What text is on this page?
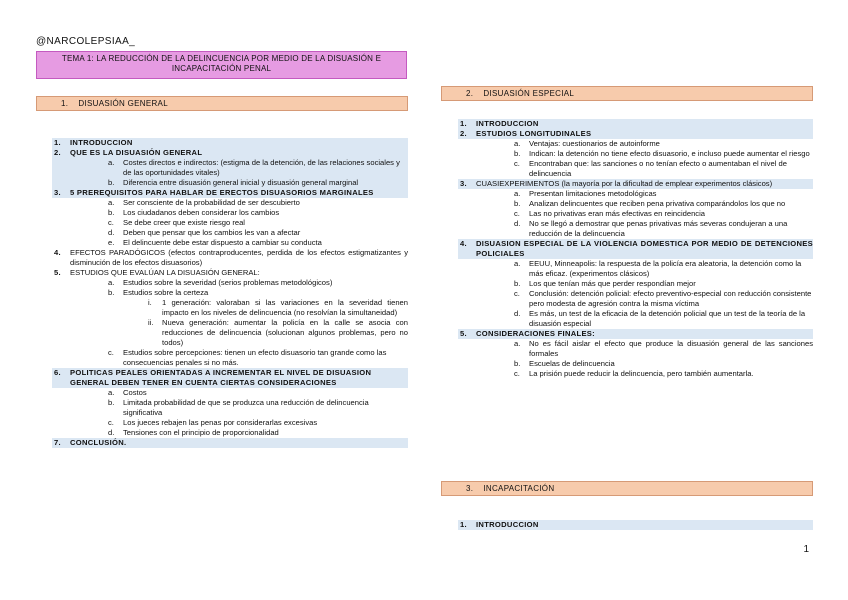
@NARCOLEPSIAA_
TEMA 1: LA REDUCCIÓN DE LA DELINCUENCIA POR MEDIO DE LA DISUASIÓN E INCAPACITACIÓN PENAL
1. DISUASIÓN GENERAL
1. INTRODUCCION
2. QUE ES LA DISUASIÓN GENERAL
a. Costes directos e indirectos: (estigma de la detención, de las relaciones sociales y de las oportunidades vitales)
b. Diferencia entre disuasión general inicial y disuasión general marginal
3. 5 PREREQUISITOS PARA HABLAR DE ERECTOS DISUASORIOS MARGINALES
a. Ser consciente de la probabilidad de ser descubierto
b. Los ciudadanos deben considerar los cambios
c. Se debe creer que existe riesgo real
d. Deben que pensar que los cambios les van a afectar
e. El delincuente debe estar dispuesto a cambiar su conducta
4. EFECTOS PARADÓGICOS (efectos contraproducentes, perdida de los efectos estigmatizantes y disminución de los efectos disuasorios)
5. ESTUDIOS QUE EVALÚAN LA DISUASIÓN GENERAL:
a. Estudios sobre la severidad (serios problemas metodológicos)
b. Estudios sobre la certeza
i. 1 generación: valoraban si las variaciones en la severidad tienen impacto en los niveles de delincuencia (no resolvían la simultaneidad)
ii. Nueva generación: aumentar la policía en la calle se asocia con reducciones de delincuencia (solucionan algunos problemas, pero no todos)
c. Estudios sobre percepciones: tienen un efecto disuasorio tan grande como las consecuencias penales si no más.
6. POLITICAS PEALES ORIENTADAS A INCREMENTAR EL NIVEL DE DISUASION GENERAL DEBEN TENER EN CUENTA CIERTAS CONSIDERACIONES
a. Costos
b. Limitada probabilidad de que se produzca una reducción de delincuencia significativa
c. Los jueces rebajen las penas por considerarlas excesivas
d. Tensiones con el principio de proporcionalidad
7. CONCLUSIÓN.
2. DISUASIÓN ESPECIAL
1. INTRODUCCION
2. ESTUDIOS LONGITUDINALES
a. Ventajas: cuestionarios de autoinforme
b. Indican: la detención no tiene efecto disuasorio, e incluso puede aumentar el riesgo
c. Encontraban que: las sanciones o no tenían efecto o aumentaban el nivel de delincuencia
3. CUASIEXPERIMENTOS (la mayoría por la dificultad de emplear experimentos clásicos)
a. Presentan limitaciones metodológicas
b. Analizan delincuentes que reciben pena privativa comparándolos los que no
c. Las no privativas eran más efectivas en reincidencia
d. No se llegó a demostrar que penas privativas más severas condujeran a una reducción de la delincuencia
4. DISUASION ESPECIAL DE LA VIOLENCIA DOMESTICA POR MEDIO DE DETENCIONES POLICIALES
a. EEUU, Minneapolis: la respuesta de la policía era aleatoria, la detención como la más eficaz. (experimentos clásicos)
b. Los que tenían más que perder respondían mejor
c. Conclusión: detención policial: efecto preventivo-especial con reducción consistente pero modesta de agresión contra la misma víctima
d. Es más, un test de la eficacia de la detención policial que un test de la teoría de la disuasión especial
5. CONSIDERACIONES FINALES:
a. No es fácil aislar el efecto que produce la disuasión general de las sanciones formales
b. Escuelas de delincuencia
c. La prisión puede reducir la delincuencia, pero también aumentarla.
3. INCAPACITACIÓN
1. INTRODUCCION
1
